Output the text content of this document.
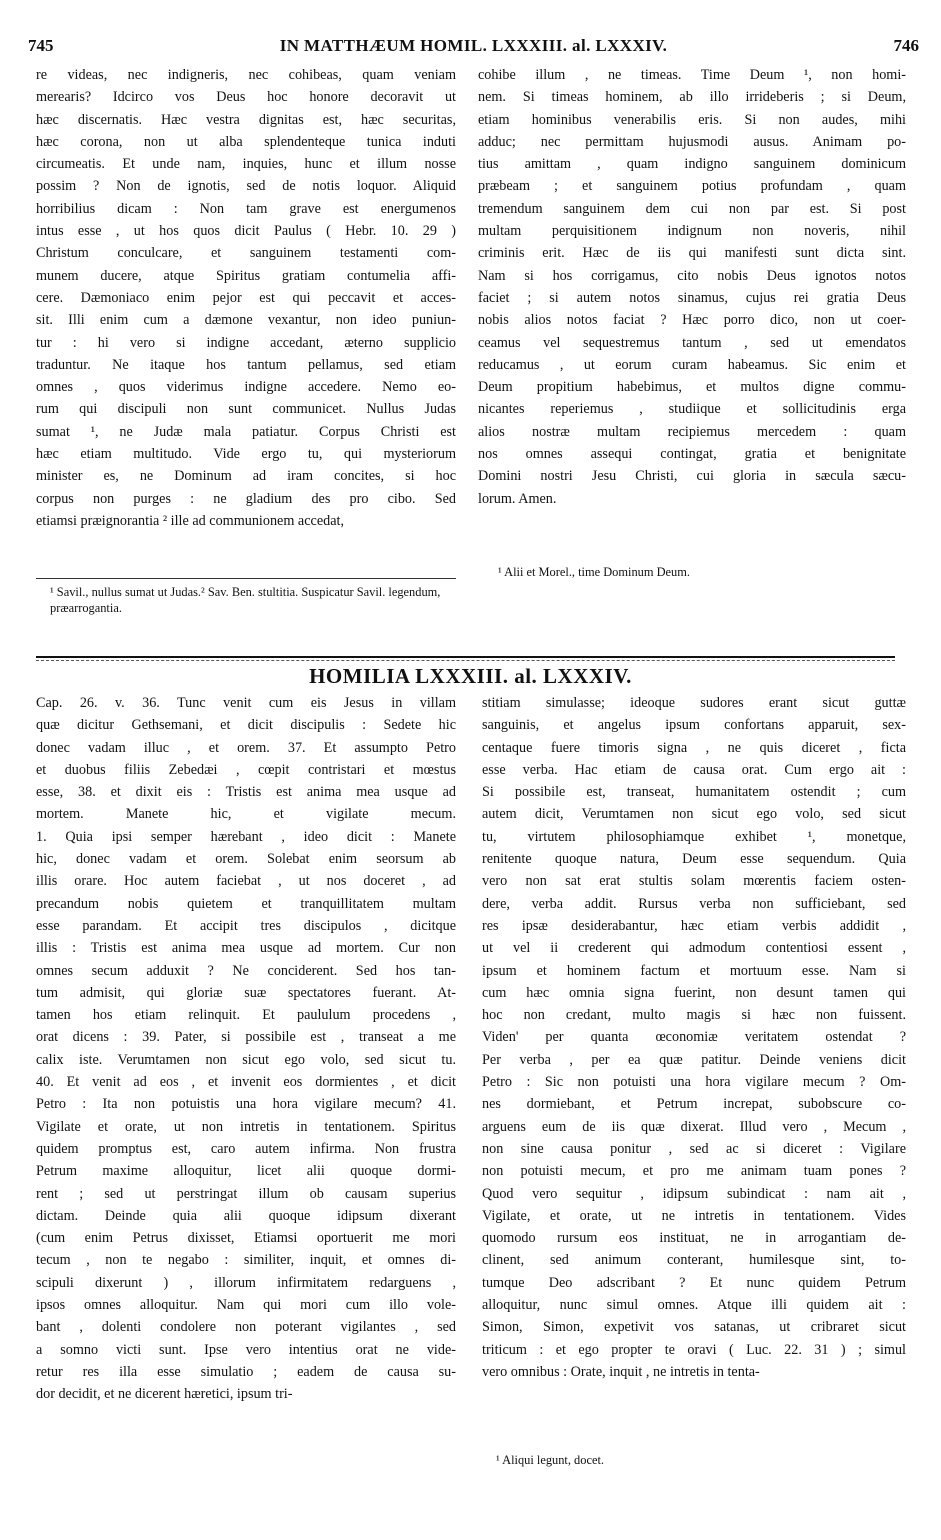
745	IN MATTHÆUM HOMIL. LXXXIII. al. LXXXIV.	746
re videas, nec indigneris, nec cohibeas, quam veniam
merearis? Idcirco vos Deus hoc honore decoravit ut
hæc discernatis. Hæc vestra dignitas est, hæc securitas,
hæc corona, non ut alba splendenteque tunica induti
circumeatis. Et unde nam, inquies, hunc et illum nosse
possim ? Non de ignotis, sed de notis loquor. Aliquid
horribilius dicam : Non tam grave est energumenos
intus esse , ut hos quos dicit Paulus ( Hebr. 10. 29 )
Christum conculcare, et sanguinem testamenti com-
munem ducere, atque Spiritus gratiam contumelia affi-
cere. Dæmoniaco enim pejor est qui peccavit et acces-
sit. Illi enim cum a dæmone vexantur, non ideo puniun-
tur : hi vero si indigne accedant, æterno supplicio
traduntur. Ne itaque hos tantum pellamus, sed etiam
omnes , quos viderimus indigne accedere. Nemo eo-
rum qui discipuli non sunt communicet. Nullus Judas
sumat ¹, ne Judæ mala patiatur. Corpus Christi est
hæc etiam multitudo. Vide ergo tu, qui mysteriorum
minister es, ne Dominum ad iram concites, si hoc
corpus non purges : ne gladium des pro cibo. Sed
etiamsi præignorantia ² ille ad communionem accedat,
¹ Savil., nullus sumat ut Judas.² Sav. Ben. stultitia. Suspicatur Savil. legendum, præarrogantia.
cohibe illum , ne timeas. Time Deum ¹, non homi-
nem. Si timeas hominem, ab illo irrideberis ; si Deum,
etiam hominibus venerabilis eris. Si non audes, mihi
adduc; nec permittam hujusmodi ausus. Animam po-
tius amittam , quam indigno sanguinem dominicum
præbeam ; et sanguinem potius profundam , quam
tremendum sanguinem dem cui non par est. Si post
multam perquisitionem indignum non noveris, nihil
criminis erit. Hæc de iis qui manifesti sunt dicta sint.
Nam si hos corrigamus, cito nobis Deus ignotos notos
faciet ; si autem notos sinamus, cujus rei gratia Deus
nobis alios notos faciat ? Hæc porro dico, non ut coer-
ceamus vel sequestremus tantum , sed ut emendatos
reducamus , ut eorum curam habeamus. Sic enim et
Deum propitium habebimus, et multos digne commu-
nicantes reperiemus , studiique et sollicitudinis erga
alios nostræ multam recipiemus mercedem : quam
nos omnes assequi contingat, gratia et benignitate
Domini nostri Jesu Christi, cui gloria in sæcula sæcu-
lorum. Amen.
¹ Alii et Morel., time Dominum Deum.
HOMILIA LXXXIII. al. LXXXIV.
Cap. 26. v. 36. Tunc venit cum eis Jesus in villam
quæ dicitur Gethsemani, et dicit discipulis : Sedete hic
donec vadam illuc , et orem. 37. Et assumpto Petro
et duobus filiis Zebedæi , cœpit contristari et mœstus
esse, 38. et dixit eis : Tristis est anima mea usque ad
mortem. Manete hic, et vigilate mecum.
1. Quia ipsi semper hærebant , ideo dicit : Manete
hic, donec vadam et orem. Solebat enim seorsum ab
illis orare. Hoc autem faciebat , ut nos doceret , ad
precandum nobis quietem et tranquillitatem multam
esse parandam. Et accipit tres discipulos , dicitque
illis : Tristis est anima mea usque ad mortem. Cur non
omnes secum adduxit ? Ne conciderent. Sed hos tan-
tum admisit, qui gloriæ suæ spectatores fuerant. At-
tamen hos etiam relinquit. Et paululum procedens ,
orat dicens : 39. Pater, si possibile est , transeat a me
calix iste. Verumtamen non sicut ego volo, sed sicut tu.
40. Et venit ad eos , et invenit eos dormientes , et dicit
Petro : Ita non potuistis una hora vigilare mecum? 41.
Vigilate et orate, ut non intretis in tentationem. Spiritus
quidem promptus est, caro autem infirma. Non frustra
Petrum maxime alloquitur, licet alii quoque dormi-
rent ; sed ut perstringat illum ob causam superius
dictam. Deinde quia alii quoque idipsum dixerant
(cum enim Petrus dixisset, Etiamsi oportuerit me mori
tecum , non te negabo : similiter, inquit, et omnes di-
scipuli dixerunt ) , illorum infirmitatem redarguens ,
ipsos omnes alloquitur. Nam qui mori cum illo vole-
bant , dolenti condolere non poterant vigilantes , sed
a somno victi sunt. Ipse vero intentius orat ne vide-
retur res illa esse simulatio ; eadem de causa su-
dor decidit, et ne dicerent hæretici, ipsum tri-
stitiam simulasse; ideoque sudores erant sicut guttæ
sanguinis, et angelus ipsum confortans apparuit, sex-
centaque fuere timoris signa , ne quis diceret , ficta
esse verba. Hac etiam de causa orat. Cum ergo ait :
Si possibile est, transeat, humanitatem ostendit ; cum
autem dicit, Verumtamen non sicut ego volo, sed sicut
tu, virtutem philosophiamque exhibet ¹, monetque,
renitente quoque natura, Deum esse sequendum. Quia
vero non sat erat stultis solam mœrentis faciem osten-
dere, verba addit. Rursus verba non sufficiebant, sed
res ipsæ desiderabantur, hæc etiam verbis addidit ,
ut vel ii crederent qui admodum contentiosi essent ,
ipsum et hominem factum et mortuum esse. Nam si
cum hæc omnia signa fuerint, non desunt tamen qui
hoc non credant, multo magis si hæc non fuissent.
Viden' per quanta œconomiæ veritatem ostendat ?
Per verba , per ea quæ patitur. Deinde veniens dicit
Petro : Sic non potuisti una hora vigilare mecum ? Om-
nes dormiebant, et Petrum increpat, subobscure co-
arguens eum de iis quæ dixerat. Illud vero , Mecum ,
non sine causa ponitur , sed ac si diceret : Vigilare
non potuisti mecum, et pro me animam tuam pones ?
Quod vero sequitur , idipsum subindicat : nam ait ,
Vigilate, et orate, ut ne intretis in tentationem. Vides
quomodo rursum eos instituat, ne in arrogantiam de-
clinent, sed animum conterant, humilesque sint, to-
tumque Deo adscribant ? Et nunc quidem Petrum
alloquitur, nunc simul omnes. Atque illi quidem ait :
Simon, Simon, expetivit vos satanas, ut cribraret sicut
triticum : et ego propter te oravi ( Luc. 22. 31 ) ; simul
vero omnibus : Orate, inquit , ne intretis in tenta-
¹ Aliqui legunt, docet.
